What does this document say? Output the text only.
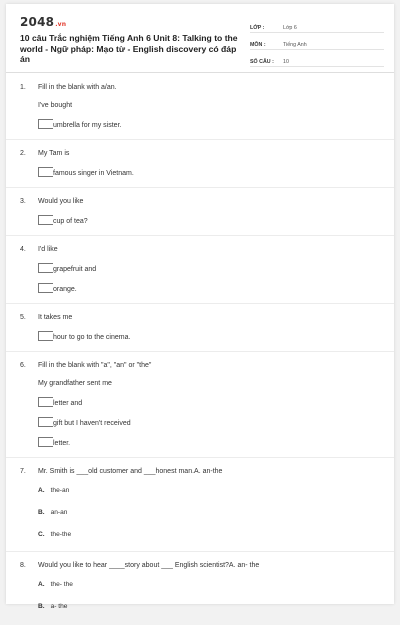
2048.vn
10 câu Trắc nghiệm Tiếng Anh 6 Unit 8: Talking to the world - Ngữ pháp: Mạo từ - English discovery có đáp án
LỚP :	Lớp 6
MÔN :	Tiếng Anh
SỐ CÂU :	10
1.	Fill in the blank with a/an.
I've bought
umbrella for my sister.
2.	My Tam is
famous singer in Vietnam.
3.	Would you like
cup of tea?
4.	I'd like
grapefruit and
orange.
5.	It takes me
hour to go to the cinema.
6.	Fill in the blank with "a", "an" or "the"
My grandfather sent me
letter and
gift but I haven't received
letter.
7.	Mr. Smith is ___old customer and ___honest man.A. an-the
A. the-an
B. an-an
C. the-the
8.	Would you like to hear ____story about ___ English scientist?A. an- the
A. the- the
B. a- the
